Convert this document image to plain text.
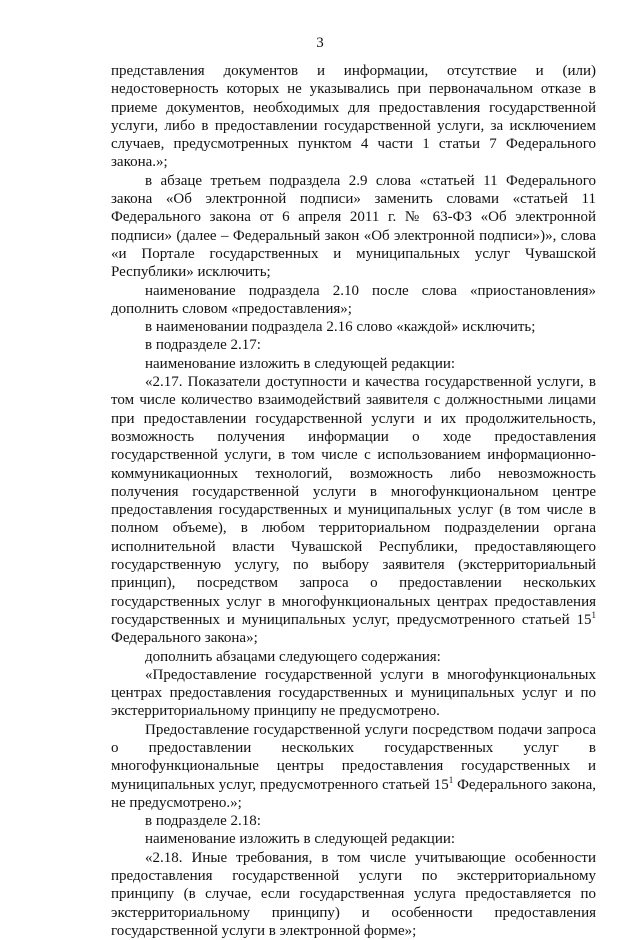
3

представления документов и информации, отсутствие и (или) недостоверность которых не указывались при первоначальном отказе в приеме документов, необходимых для предоставления государственной услуги, либо в предоставлении государственной услуги, за исключением случаев, предусмотренных пунктом 4 части 1 статьи 7 Федерального закона.»;

в абзаце третьем подраздела 2.9 слова «статьей 11 Федерального закона «Об электронной подписи» заменить словами «статьей 11 Федерального закона от 6 апреля 2011 г. № 63-ФЗ «Об электронной подписи» (далее – Федеральный закон «Об электронной подписи»)», слова «и Портале государственных и муниципальных услуг Чувашской Республики» исключить;

наименование подраздела 2.10 после слова «приостановления» дополнить словом «предоставления»;

в наименовании подраздела 2.16 слово «каждой» исключить;

в подразделе 2.17:

наименование изложить в следующей редакции:

«2.17. Показатели доступности и качества государственной услуги, в том числе количество взаимодействий заявителя с должностными лицами при предоставлении государственной услуги и их продолжительность, возможность получения информации о ходе предоставления государственной услуги, в том числе с использованием информационно-коммуникационных технологий, возможность либо невозможность получения государственной услуги в многофункциональном центре предоставления государственных и муниципальных услуг (в том числе в полном объеме), в любом территориальном подразделении органа исполнительной власти Чувашской Республики, предоставляющего государственную услугу, по выбору заявителя (экстерриториальный принцип), посредством запроса о предоставлении нескольких государственных услуг в многофункциональных центрах предоставления государственных и муниципальных услуг, предусмотренного статьей $15^1$ Федерального закона»;

дополнить абзацами следующего содержания:

«Предоставление государственной услуги в многофункциональных центрах предоставления государственных и муниципальных услуг и по экстерриториальному принципу не предусмотрено.

Предоставление государственной услуги посредством подачи запроса о предоставлении нескольких государственных услуг в многофункциональные центры предоставления государственных и муниципальных услуг, предусмотренного статьей $15^1$ Федерального закона, не предусмотрено.»;

в подразделе 2.18:

наименование изложить в следующей редакции:

«2.18. Иные требования, в том числе учитывающие особенности предоставления государственной услуги по экстерриториальному принципу (в случае, если государственная услуга предоставляется по экстерриториальному принципу) и особенности предоставления государственной услуги в электронной форме»;
